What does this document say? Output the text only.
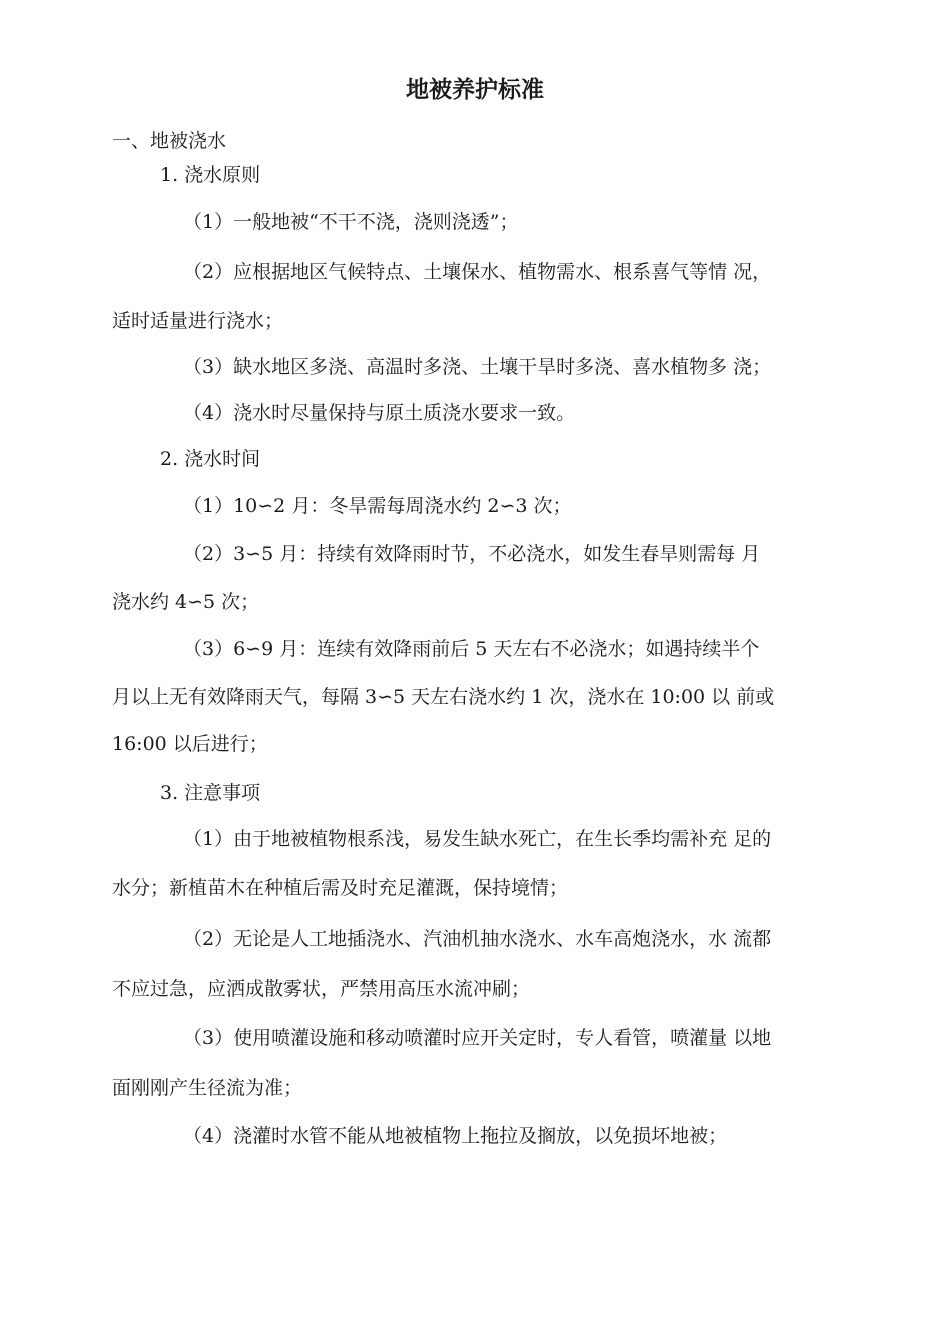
地被养护标准
一、地被浇水
1. 浇水原则
（1）一般地被“不干不浇，浇则浇透”；
（2）应根据地区气候特点、土壤保水、植物需水、根系喜气等情 况，
适时适量进行浇水；
（3）缺水地区多浇、高温时多浇、土壤干旱时多浇、喜水植物多 浇；
（4）浇水时尽量保持与原土质浇水要求一致。
2. 浇水时间
（1）10∽2 月：冬旱需每周浇水约 2∽3 次；
（2）3∽5 月：持续有效降雨时节，不必浇水，如发生春旱则需每 月
浇水约 4∽5 次；
（3）6∽9 月：连续有效降雨前后 5 天左右不必浇水；如遇持续半个
月以上无有效降雨天气，每隔 3∽5 天左右浇水约 1 次，浇水在 10:00 以 前或
16:00 以后进行；
3. 注意事项
（1）由于地被植物根系浅，易发生缺水死亡，在生长季均需补充 足的
水分；新植苗木在种植后需及时充足灌溉，保持境情；
（2）无论是人工地插浇水、汽油机抽水浇水、水车高炮浇水，水 流都
不应过急，应洒成散雾状，严禁用高压水流冲刷；
（3）使用喷灌设施和移动喷灌时应开关定时，专人看管，喷灌量 以地
面刚刚产生径流为准；
（4）浇灌时水管不能从地被植物上拖拉及搁放，以免损坏地被；
